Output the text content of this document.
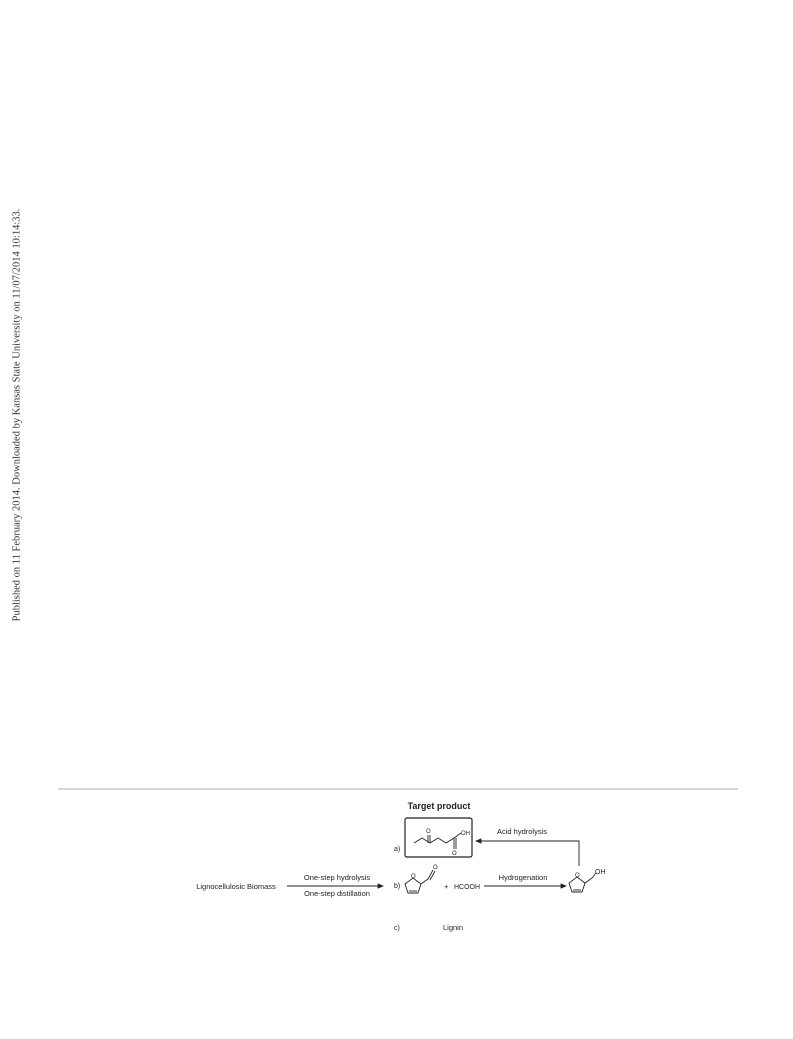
Published on 11 February 2014. Downloaded by Kansas State University on 11/07/2014 10:14:33.
Target product
a)
O
O
OH	Acid hydrolysis
Lignocellulosic Biomass
One-step hydrolysis
One-step distillation
b)
O
O
+ HCOOH
Hydrogenation	O OH
c)	Lignin
